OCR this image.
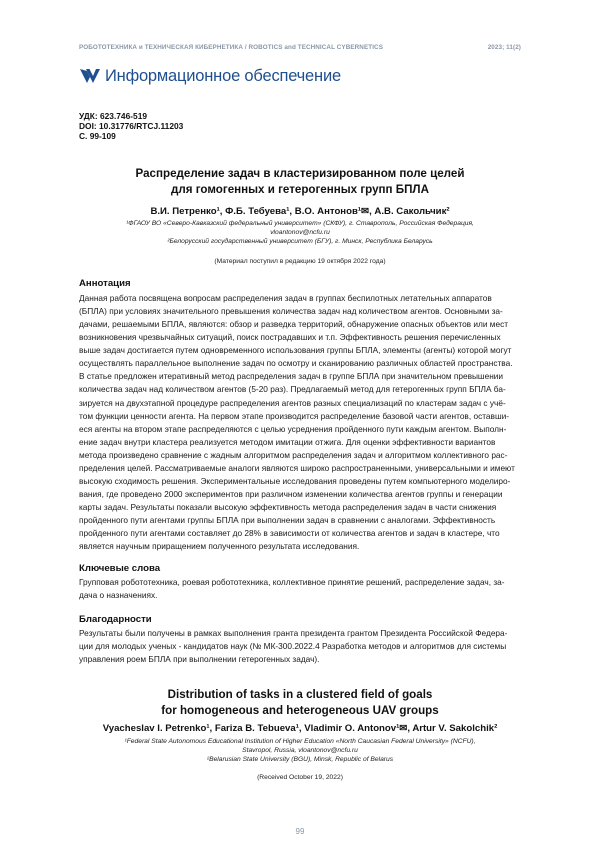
РОБОТОТЕХНИКА и ТЕХНИЧЕСКАЯ КИБЕРНЕТИКА / ROBOTICS and TECHNICAL CYBERNETICS	2023; 11(2)
Информационное обеспечение
УДК: 623.746-519
DOI: 10.31776/RTCJ.11203
С. 99-109
Распределение задач в кластеризированном поле целей
для гомогенных и гетерогенных групп БПЛА
В.И. Петренко¹, Ф.Б. Тебуева¹, В.О. Антонов¹✉, А.В. Сакольчик²
¹ФГАОУ ВО «Северо-Кавказский федеральный университет» (СКФУ), г. Ставрополь, Российская Федерация,
vloantonov@ncfu.ru
²Белорусский государственный университет (БГУ), г. Минск, Республика Беларусь
(Материал поступил в редакцию 19 октября 2022 года)
Аннотация
Данная работа посвящена вопросам распределения задач в группах беспилотных летательных аппаратов
(БПЛА) при условиях значительного превышения количества задач над количеством агентов. Основными за-
дачами, решаемыми БПЛА, являются: обзор и разведка территорий, обнаружение опасных объектов или мест
возникновения чрезвычайных ситуаций, поиск пострадавших и т.п. Эффективность решения перечисленных
выше задач достигается путем одновременного использования группы БПЛА, элементы (агенты) которой могут
осуществлять параллельное выполнение задач по осмотру и сканированию различных областей пространства.
В статье предложен итеративный метод распределения задач в группе БПЛА при значительном превышении
количества задач над количеством агентов (5-20 раз). Предлагаемый метод для гетерогенных групп БПЛА ба-
зируется на двухэтапной процедуре распределения агентов разных специализаций по кластерам задач с учё-
том функции ценности агента. На первом этапе производится распределение базовой части агентов, оставши-
еся агенты на втором этапе распределяются с целью усреднения пройденного пути каждым агентом. Выполн-
ение задач внутри кластера реализуется методом имитации отжига. Для оценки эффективности вариантов
метода произведено сравнение с жадным алгоритмом распределения задач и алгоритмом коллективного рас-
пределения целей. Рассматриваемые аналоги являются широко распространенными, универсальными и имеют
высокую сходимость решения. Экспериментальные исследования проведены путем компьютерного моделиро-
вания, где проведено 2000 экспериментов при различном изменении количества агентов группы и генерации
карты задач. Результаты показали высокую эффективность метода распределения задач в части снижения
пройденного пути агентами группы БПЛА при выполнении задач в сравнении с аналогами. Эффективность
пройденного пути агентами составляет до 28% в зависимости от количества агентов и задач в кластере, что
является научным приращением полученного результата исследования.
Ключевые слова
Групповая робототехника, роевая робототехника, коллективное принятие решений, распределение задач, за-
дача о назначениях.
Благодарности
Результаты были получены в рамках выполнения гранта президента грантом Президента Российской Федера-
ции для молодых ученых - кандидатов наук (№ МК-300.2022.4 Разработка методов и алгоритмов для системы
управления роем БПЛА при выполнении гетерогенных задач).
Distribution of tasks in a clustered field of goals
for homogeneous and heterogeneous UAV groups
Vyacheslav I. Petrenko¹, Fariza B. Tebueva¹, Vladimir O. Antonov¹✉, Artur V. Sakolchik²
¹Federal State Autonomous Educational Institution of Higher Education «North Caucasian Federal University» (NCFU),
Stavropol, Russia, vloantonov@ncfu.ru
²Belarusian State University (BGU), Minsk, Republic of Belarus
(Received October 19, 2022)
99
